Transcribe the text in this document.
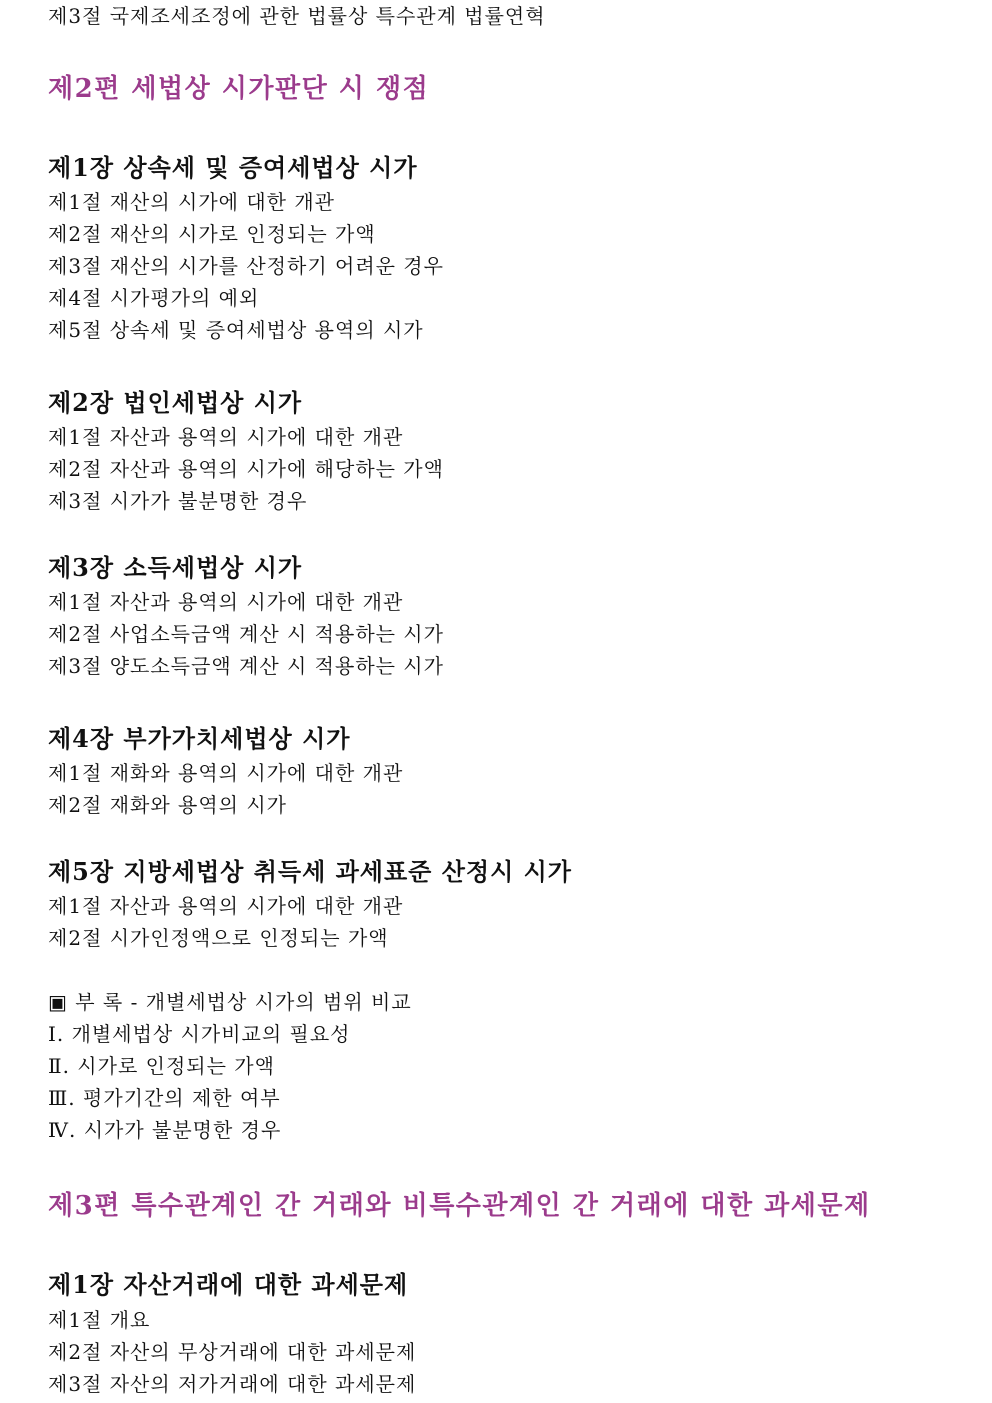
제3절 국제조세조정에 관한 법률상 특수관계 법률연혁
제2편 세법상 시가판단 시 쟁점
제1장 상속세 및 증여세법상 시가
제1절 재산의 시가에 대한 개관
제2절 재산의 시가로 인정되는 가액
제3절 재산의 시가를 산정하기 어려운 경우
제4절 시가평가의 예외
제5절 상속세 및 증여세법상 용역의 시가
제2장 법인세법상 시가
제1절 자산과 용역의 시가에 대한 개관
제2절 자산과 용역의 시가에 해당하는 가액
제3절 시가가 불분명한 경우
제3장 소득세법상 시가
제1절 자산과 용역의 시가에 대한 개관
제2절 사업소득금액 계산 시 적용하는 시가
제3절 양도소득금액 계산 시 적용하는 시가
제4장 부가가치세법상 시가
제1절 재화와 용역의 시가에 대한 개관
제2절 재화와 용역의 시가
제5장 지방세법상 취득세 과세표준 산정시 시가
제1절 자산과 용역의 시가에 대한 개관
제2절 시가인정액으로 인정되는 가액
▣ 부 록 - 개별세법상 시가의 범위 비교
Ⅰ. 개별세법상 시가비교의 필요성
Ⅱ. 시가로 인정되는 가액
Ⅲ. 평가기간의 제한 여부
Ⅳ. 시가가 불분명한 경우
제3편 특수관계인 간 거래와 비특수관계인 간 거래에 대한 과세문제
제1장 자산거래에 대한 과세문제
제1절 개요
제2절 자산의 무상거래에 대한 과세문제
제3절 자산의 저가거래에 대한 과세문제
